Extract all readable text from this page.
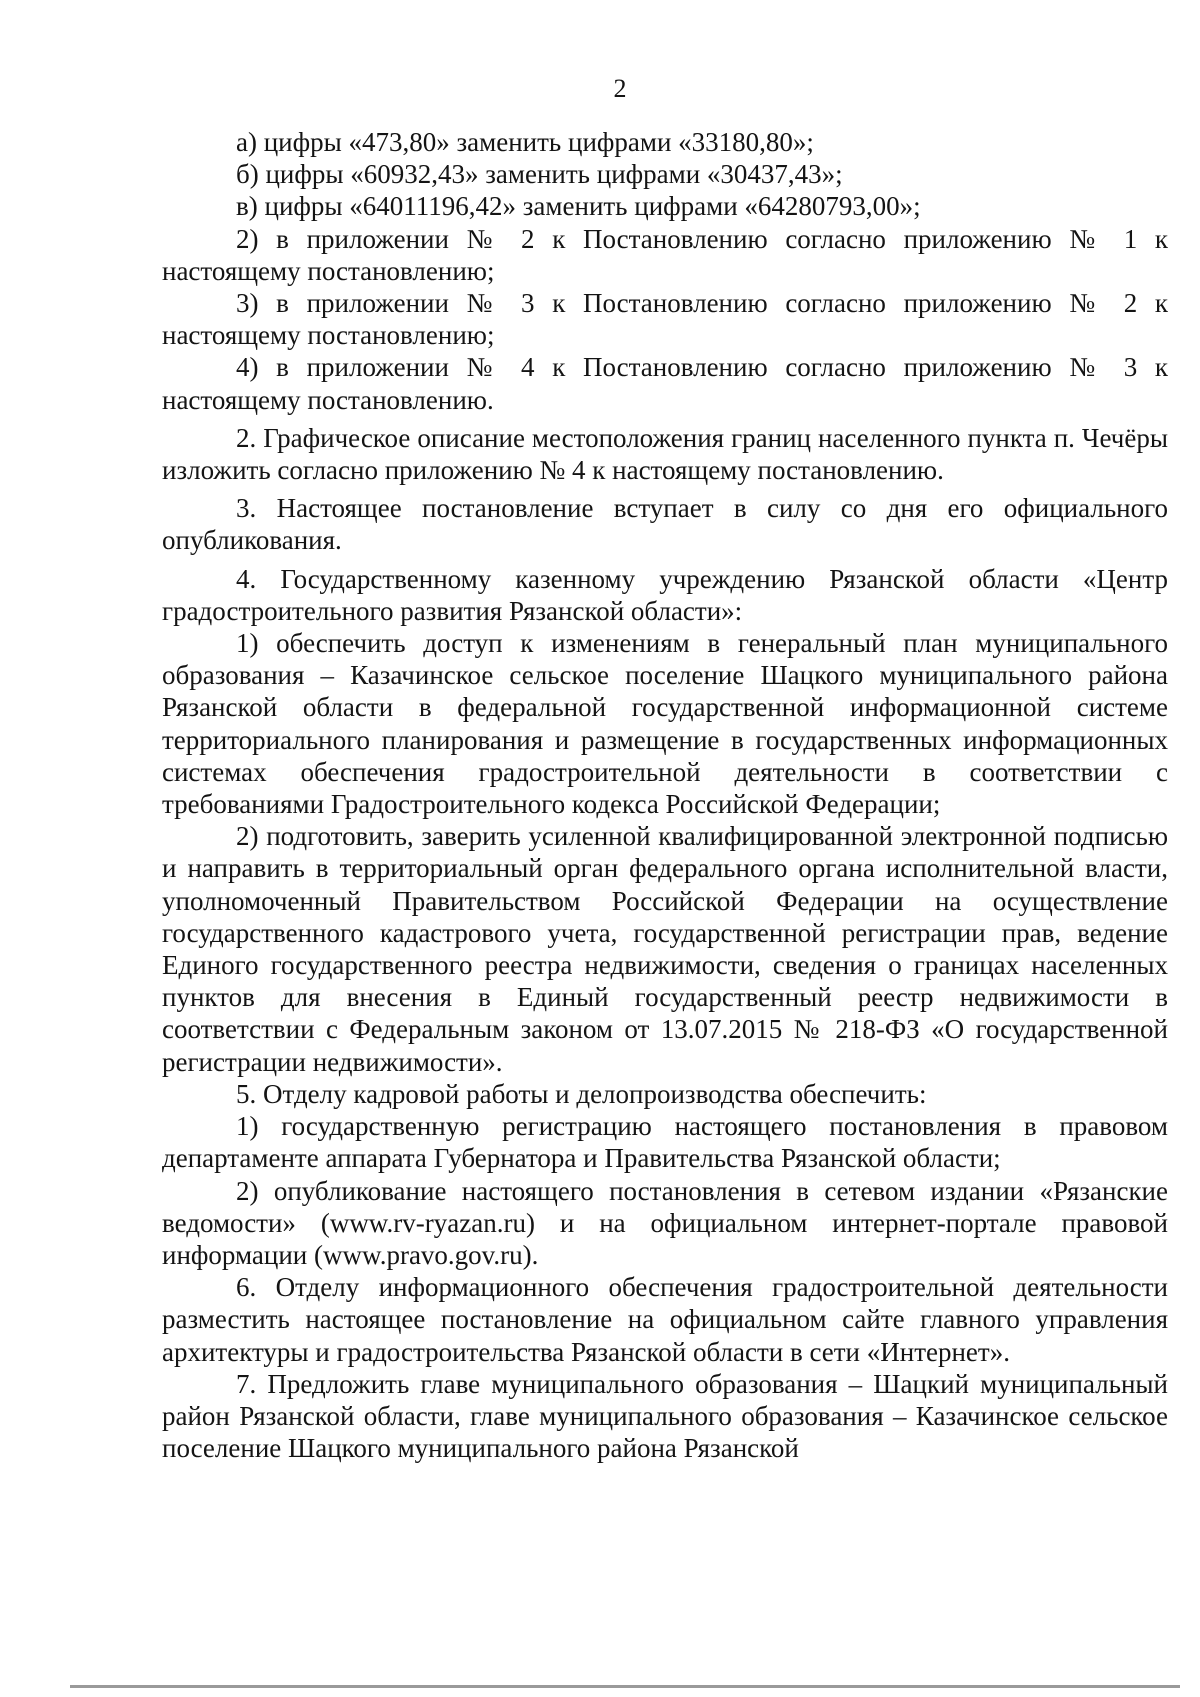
2

а) цифры «473,80» заменить цифрами «33180,80»;

б) цифры «60932,43» заменить цифрами «30437,43»;

в) цифры «64011196,42» заменить цифрами «64280793,00»;

2) в приложении № 2 к Постановлению согласно приложению № 1 к настоящему постановлению;

3) в приложении № 3 к Постановлению согласно приложению № 2 к настоящему постановлению;

4) в приложении № 4 к Постановлению согласно приложению № 3 к настоящему постановлению.

2. Графическое описание местоположения границ населенного пункта п. Чечёры изложить согласно приложению № 4 к настоящему постановлению.

3. Настоящее постановление вступает в силу со дня его официального опубликования.

4. Государственному казенному учреждению Рязанской области «Центр градостроительного развития Рязанской области»:

1) обеспечить доступ к изменениям в генеральный план муниципального образования – Казачинское сельское поселение Шацкого муниципального района Рязанской области в федеральной государственной информационной системе территориального планирования и размещение в государственных информационных системах обеспечения градостроительной деятельности в соответствии с требованиями Градостроительного кодекса Российской Федерации;

2) подготовить, заверить усиленной квалифицированной электронной подписью и направить в территориальный орган федерального органа исполнительной власти, уполномоченный Правительством Российской Федерации на осуществление государственного кадастрового учета, государственной регистрации прав, ведение Единого государственного реестра недвижимости, сведения о границах населенных пунктов для внесения в Единый государственный реестр недвижимости в соответствии с Федеральным законом от 13.07.2015 № 218-ФЗ «О государственной регистрации недвижимости».

5. Отделу кадровой работы и делопроизводства обеспечить:

1) государственную регистрацию настоящего постановления в правовом департаменте аппарата Губернатора и Правительства Рязанской области;

2) опубликование настоящего постановления в сетевом издании «Рязанские ведомости» (www.rv-ryazan.ru) и на официальном интернет-портале правовой информации (www.pravo.gov.ru).

6. Отделу информационного обеспечения градостроительной деятельности разместить настоящее постановление на официальном сайте главного управления архитектуры и градостроительства Рязанской области в сети «Интернет».

7. Предложить главе муниципального образования – Шацкий муниципальный район Рязанской области, главе муниципального образования – Казачинское сельское поселение Шацкого муниципального района Рязанской
